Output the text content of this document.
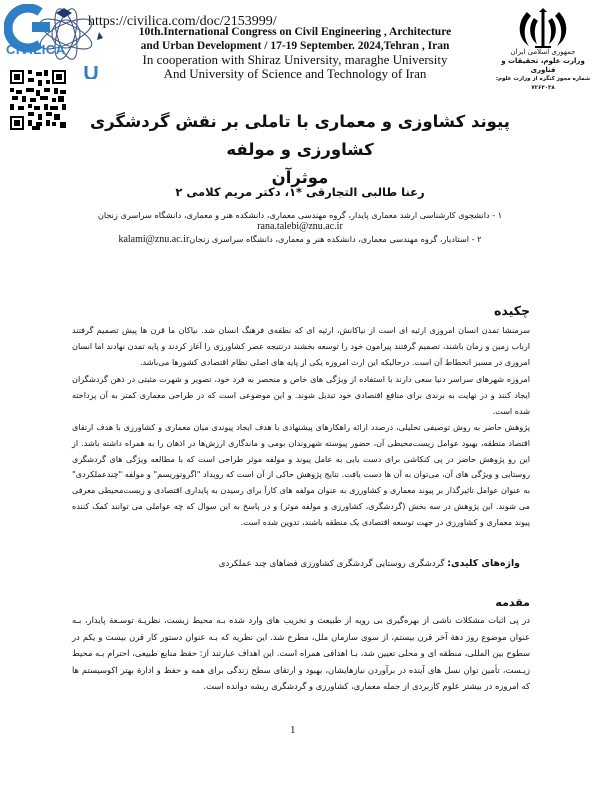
CIVILICA
https://civilica.com/doc/2153999/
10th.International Congress on Civil Engineering , Architecture
and Urban Development / 17-19 September. 2024,Tehran , Iran
In cooperation with Shiraz University, maraghe University
And University of Science and Technology of Iran
جمهوری اسلامی ایران
وزارت علوم، تحقیقات و فناوری
شماره مجوز کنگره از وزارت علوم: ۷۲۶۴۰۳۸
پیوند کشاوزی و معماری با تاملی بر نقش گردشگری کشاورزی و مولفه
موثرآن
رعنا طالبی التجارقی *۱، دکتر مریم کلامی ۲
۱ - دانشجوی کارشناسی ارشد معماری پایدار، گروه مهندسی معماری، دانشکده هنر و معماری، دانشگاه سراسری زنجان
rana.talebi@znu.ac.ir
۲ - استادیار، گروه مهندسی معماری، دانشکده هنر و معماری، دانشگاه سراسری زنجانkalami@znu.ac.ir
چکیده
سرمنشا تمدن انسان امروزی ارثیه ای است از نیاکانش، ارثیه ای که نطفه‌ی فرهنگ انسان شد. نیاکان ما قرن ها پیش تصمیم گرفتند ارباب زمین و زمان باشند، تصمیم گرفتند پیرامون خود را توسعه بخشند درنتیجه عصر کشاورزی را آغاز کردند و پایه تمدن نهادند اما انسان امروزی در مسیر انحطاط آن است. درحالیکه این ارث امروزه یکی از پایه های اصلی نظام اقتصادی کشورها می‌باشد.
امروزه شهرهای سراسر دنیا سعی دارند با استفاده از ویژگی های خاص و منحصر به فرد خود، تصویر و شهرت مثبتی در ذهن گردشگران ایجاد کنند و در نهایت به برندی برای منافع اقتصادی خود تبدیل شوند. و این موضوعی است که در طراحی معماری کمتر به آن پرداخته شده است.
پژوهش حاضر به روش توصیفی تحلیلی، درصدد ارائه راهکارهای پیشنهادی با هدف ایجاد پیوندی میان معماری و کشاورزی با هدف ارتقای اقتصاد منطقه، بهبود عوامل زیست‌محیطی آن، حضور پیوسته شهروندان بومی و ماندگاری ارزش‌ها در اذهان را به همراه داشته باشد. از این رو پژوهش حاضر در پی کنکاشی برای دست یابی به عامل پیوند و مولفه موثر طراحی است که با مطالعه ویژگی های گردشگری روستایی و ویژگی های آن، می‌توان به آن ها دست یافت. نتایج پژوهش حاکی از آن است که رویداد "اگروتوریسم" و مولفه "چندعملکردی" به عنوان عوامل تاثیرگذار بر پیوند معماری و کشاورزی به عنوان مولفه های کارآ برای رسیدن به پایداری اقتصادی و زیست‌محیطی معرفی می شوند. این پژوهش در سه بخش (گردشگری، کشاورزی و مولفه موثر) و در پاسخ به این سوال که چه عواملی می توانند کمک کننده پیوند معماری و کشاورزی در جهت توسعه اقتصادی یک منطقه باشند، تدوین شده است.
واژه‌های کلیدی: گردشگری روستایی گردشگری کشاورزی فضاهای چند عملکردی
مقدمه
در پی اثبات مشکلات ناشی از بهره‌گیری بی رویه از طبیعت و تخریب های وارد شده بـه محیط زیست، نظریـة توسـعة پایدار، بـه عنوان موضوع روز دهة آخر قرن بیستم، از سوی سازمان ملل، مطرح شد. این نظریه که بـه عنوان دستور کار قرن بیست و یکم در سطوح بین المللی، منطقه ای و محلی تعیین شد، بـا اهدافی همراه است. این اهداف عبارتند از: حفظ منابع طبیعی، احترام بـه محیط زیـست، تأمین توان نسل های آینده در برآوردن نیازهایشان، بهبود و ارتقای سطح زندگی برای همه و حفظ و ادارة بهتر اکوسیستم ها که امروزه در بیشتر علوم کاربردی از جمله معماری، کشاورزی و گردشگری ریشه دوانده است.
1
